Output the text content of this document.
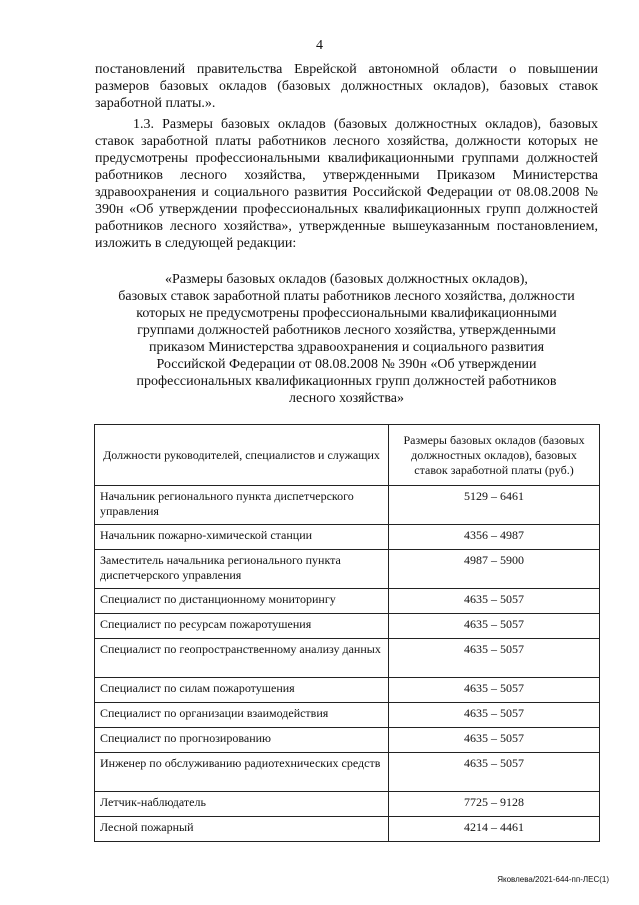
4

постановлений правительства Еврейской автономной области о повышении размеров базовых окладов (базовых должностных окладов), базовых ставок заработной платы.».

1.3. Размеры базовых окладов (базовых должностных окладов), базовых ставок заработной платы работников лесного хозяйства, должности которых не предусмотрены профессиональными квалификационными группами должностей работников лесного хозяйства, утвержденными Приказом Министерства здравоохранения и социального развития Российской Федерации от 08.08.2008 № 390н «Об утверждении профессиональных квалификационных групп должностей работников лесного хозяйства», утвержденные вышеуказанным постановлением, изложить в следующей редакции:

«Размеры базовых окладов (базовых должностных окладов),
базовых ставок заработной платы работников лесного хозяйства, должности
которых не предусмотрены профессиональными квалификационными
группами должностей работников лесного хозяйства, утвержденными
приказом Министерства здравоохранения и социального развития
Российской Федерации от 08.08.2008 № 390н «Об утверждении
профессиональных квалификационных групп должностей работников
лесного хозяйства»
Должности руководителей, специалистов и служащих	Размеры базовых окладов (базовых должностных окладов), базовых ставок заработной платы (руб.)
Начальник регионального пункта диспетчерского управления	5129 – 6461
Начальник пожарно-химической станции	4356 – 4987
Заместитель начальника регионального пункта диспетчерского управления	4987 – 5900
Специалист по дистанционному мониторингу	4635 – 5057
Специалист по ресурсам пожаротушения	4635 – 5057
Специалист по геопространственному анализу данных	4635 – 5057
Специалист по силам пожаротушения	4635 – 5057
Специалист по организации взаимодействия	4635 – 5057
Специалист по прогнозированию	4635 – 5057
Инженер по обслуживанию радиотехнических средств	4635 – 5057
Летчик-наблюдатель	7725 – 9128
Лесной пожарный	4214 – 4461
Яковлева/2021-644-пп-ЛЕС(1)
